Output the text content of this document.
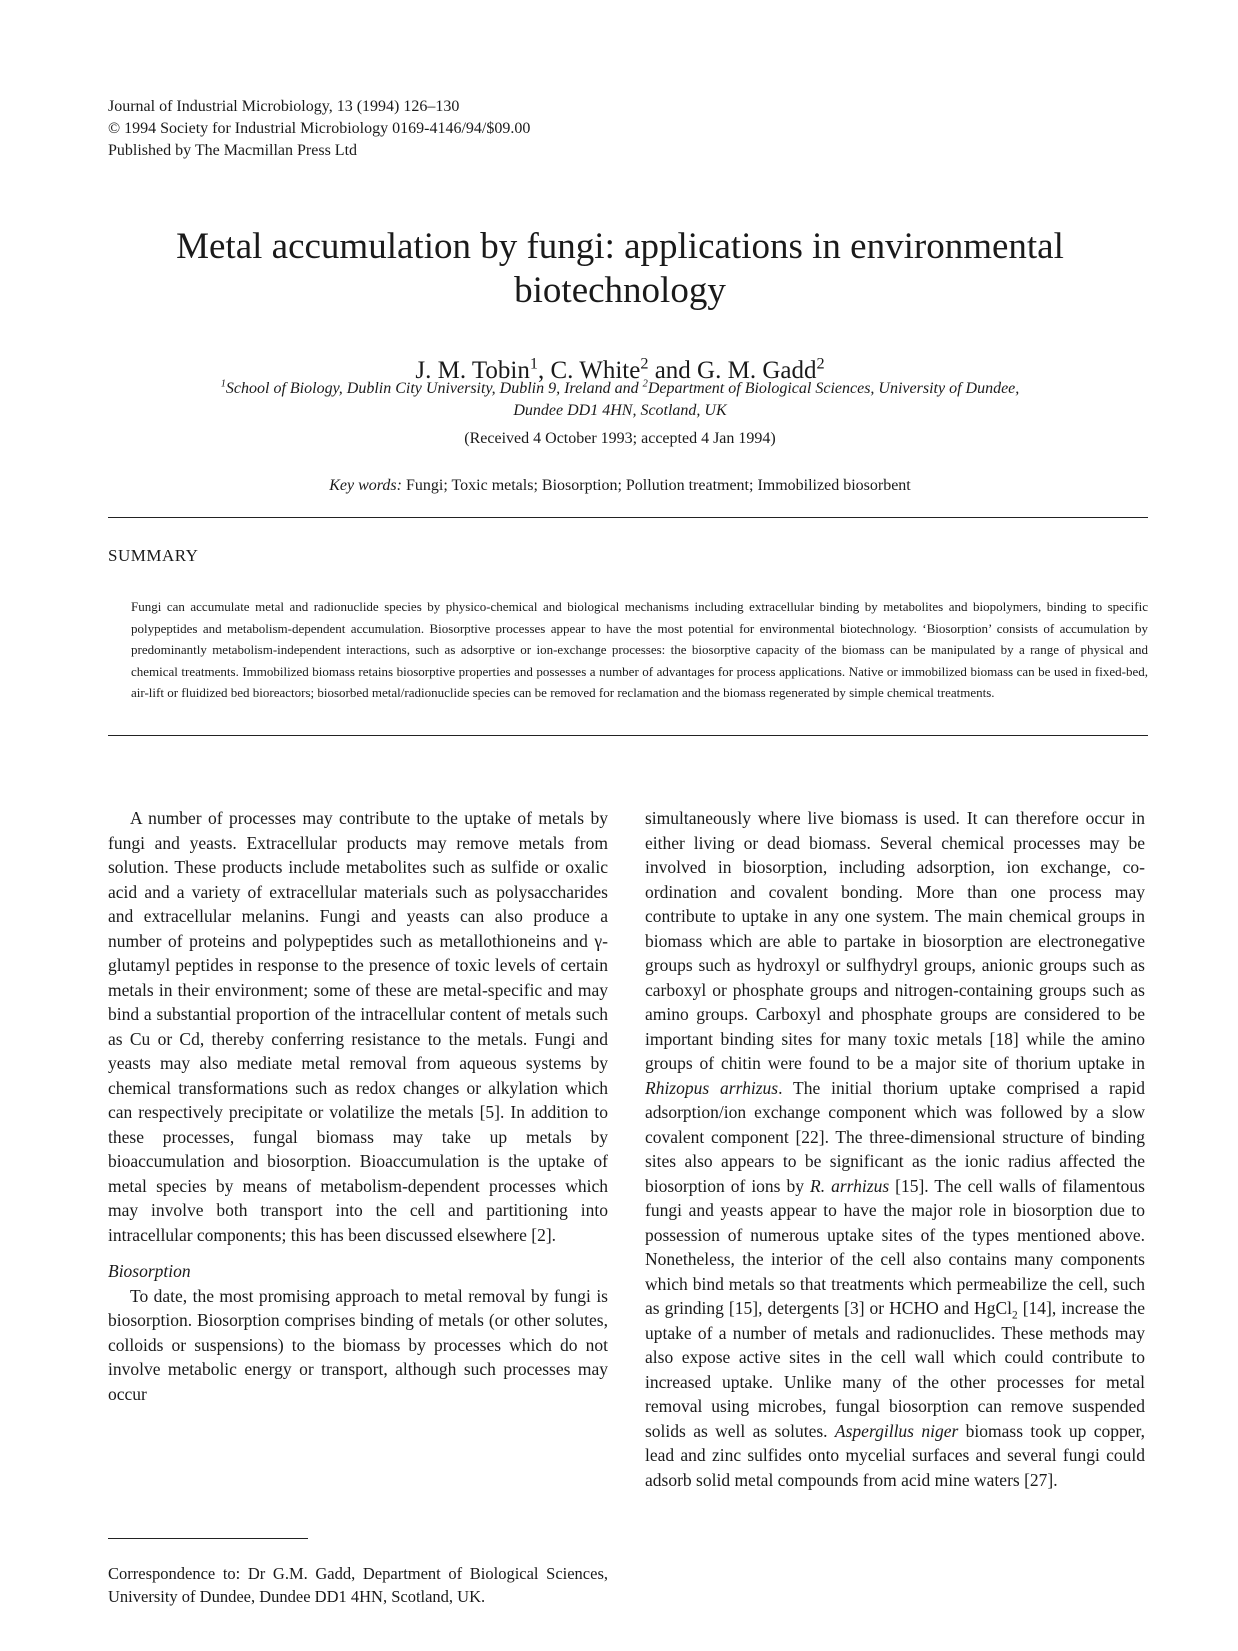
Journal of Industrial Microbiology, 13 (1994) 126–130
© 1994 Society for Industrial Microbiology 0169-4146/94/$09.00
Published by The Macmillan Press Ltd
Metal accumulation by fungi: applications in environmental
biotechnology
J. M. Tobin$^1$, C. White$^2$ and G. M. Gadd$^2$
$^1$School of Biology, Dublin City University, Dublin 9, Ireland and $^2$Department of Biological Sciences, University of Dundee,
Dundee DD1 4HN, Scotland, UK
(Received 4 October 1993; accepted 4 Jan 1994)
Key words: Fungi; Toxic metals; Biosorption; Pollution treatment; Immobilized biosorbent
SUMMARY
Fungi can accumulate metal and radionuclide species by physico-chemical and biological mechanisms including extracellular binding by metabolites and biopolymers, binding to specific polypeptides and metabolism-dependent accumulation. Biosorptive processes appear to have the most potential for environmental biotechnology. ‘Biosorption’ consists of accumulation by predominantly metabolism-independent interactions, such as adsorptive or ion-exchange processes: the biosorptive capacity of the biomass can be manipulated by a range of physical and chemical treatments. Immobilized biomass retains biosorptive properties and possesses a number of advantages for process applications. Native or immobilized biomass can be used in fixed-bed, air-lift or fluidized bed bioreactors; biosorbed metal/radionuclide species can be removed for reclamation and the biomass regenerated by simple chemical treatments.

A number of processes may contribute to the uptake of metals by fungi and yeasts. Extracellular products may remove metals from solution. These products include metabolites such as sulfide or oxalic acid and a variety of extracellular materials such as polysaccharides and extracellular melanins. Fungi and yeasts can also produce a number of proteins and polypeptides such as metallothioneins and γ-glutamyl peptides in response to the presence of toxic levels of certain metals in their environment; some of these are metal-specific and may bind a substantial proportion of the intracellular content of metals such as Cu or Cd, thereby conferring resistance to the metals. Fungi and yeasts may also mediate metal removal from aqueous systems by chemical transformations such as redox changes or alkylation which can respectively precipitate or volatilize the metals [5]. In addition to these processes, fungal biomass may take up metals by bioaccumulation and biosorption. Bioaccumulation is the uptake of metal species by means of metabolism-dependent processes which may involve both transport into the cell and partitioning into intracellular components; this has been discussed elsewhere [2].

Biosorption

To date, the most promising approach to metal removal by fungi is biosorption. Biosorption comprises binding of metals (or other solutes, colloids or suspensions) to the biomass by processes which do not involve metabolic energy or transport, although such processes may occur

simultaneously where live biomass is used. It can therefore occur in either living or dead biomass. Several chemical processes may be involved in biosorption, including adsorption, ion exchange, co-ordination and covalent bonding. More than one process may contribute to uptake in any one system. The main chemical groups in biomass which are able to partake in biosorption are electronegative groups such as hydroxyl or sulfhydryl groups, anionic groups such as carboxyl or phosphate groups and nitrogen-containing groups such as amino groups. Carboxyl and phosphate groups are considered to be important binding sites for many toxic metals [18] while the amino groups of chitin were found to be a major site of thorium uptake in Rhizopus arrhizus. The initial thorium uptake comprised a rapid adsorption/ion exchange component which was followed by a slow covalent component [22]. The three-dimensional structure of binding sites also appears to be significant as the ionic radius affected the biosorption of ions by R. arrhizus [15]. The cell walls of filamentous fungi and yeasts appear to have the major role in biosorption due to possession of numerous uptake sites of the types mentioned above. Nonetheless, the interior of the cell also contains many components which bind metals so that treatments which permeabilize the cell, such as grinding [15], detergents [3] or HCHO and HgCl$_2$ [14], increase the uptake of a number of metals and radionuclides. These methods may also expose active sites in the cell wall which could contribute to increased uptake. Unlike many of the other processes for metal removal using microbes, fungal biosorption can remove suspended solids as well as solutes. Aspergillus niger biomass took up copper, lead and zinc sulfides onto mycelial surfaces and several fungi could adsorb solid metal compounds from acid mine waters [27].

Correspondence to: Dr G.M. Gadd, Department of Biological Sciences, University of Dundee, Dundee DD1 4HN, Scotland, UK.
